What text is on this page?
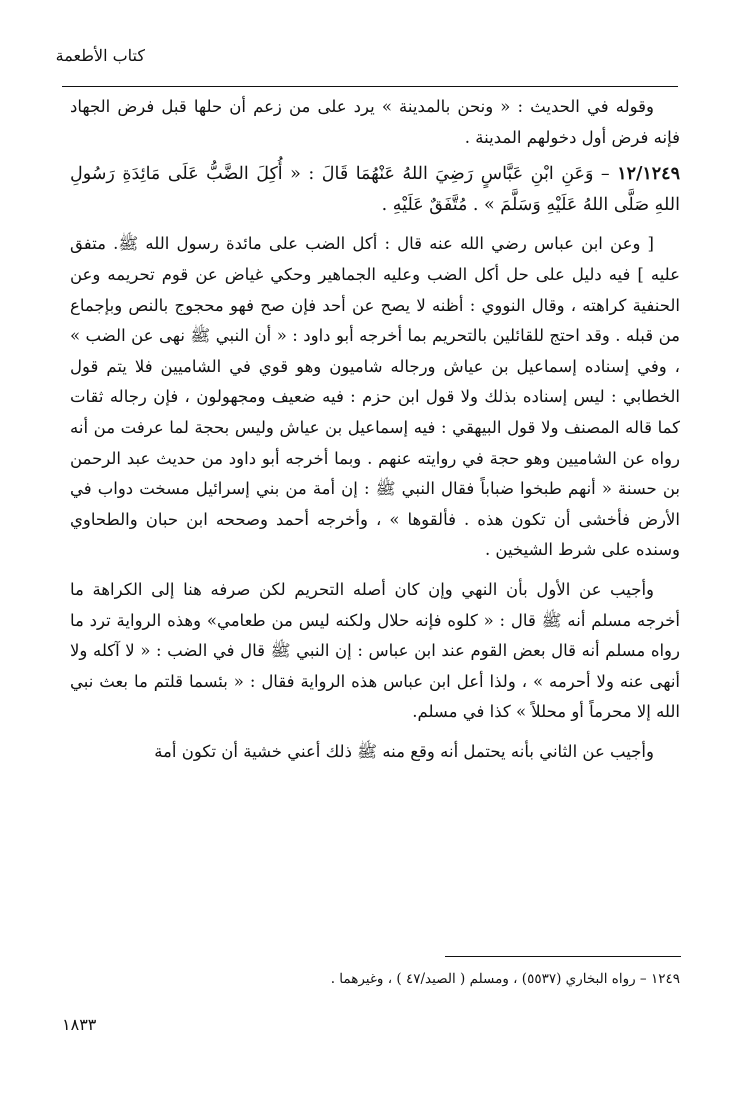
كتاب الأطعمة

وقوله في الحديث : « ونحن بالمدينة » يرد على من زعم أن حلها قبل فرض الجهاد فإنه فرض أول دخولهم المدينة .

١٢/١٢٤٩ – وَعَنِ ابْنِ عَبَّاسٍ رَضِيَ اللهُ عَنْهُمَا قَالَ : « أُكِلَ الضَّبُّ عَلَى مَائِدَةِ رَسُولِ اللهِ صَلَّى اللهُ عَلَيْهِ وَسَلَّمَ » . مُتَّفَقٌ عَلَيْهِ .

[ وعن ابن عباس رضي الله عنه قال : أكل الضب على مائدة رسول الله ﷺ. متفق عليه ] فيه دليل على حل أكل الضب وعليه الجماهير وحكي غياض عن قوم تحريمه وعن الحنفية كراهته ، وقال النووي : أظنه لا يصح عن أحد فإن صح فهو محجوج بالنص وبإجماع من قبله . وقد احتج للقائلين بالتحريم بما أخرجه أبو داود : « أن النبي ﷺ نهى عن الضب » ، وفي إسناده إسماعيل بن عياش ورجاله شاميون وهو قوي في الشاميين فلا يتم قول الخطابي : ليس إسناده بذلك ولا قول ابن حزم : فيه ضعيف ومجهولون ، فإن رجاله ثقات كما قاله المصنف ولا قول البيهقي : فيه إسماعيل بن عياش وليس بحجة لما عرفت من أنه رواه عن الشاميين وهو حجة في روايته عنهم . وبما أخرجه أبو داود من حديث عبد الرحمن بن حسنة « أنهم طبخوا ضباباً فقال النبي ﷺ : إن أمة من بني إسرائيل مسخت دواب في الأرض فأخشى أن تكون هذه . فألقوها » ، وأخرجه أحمد وصححه ابن حبان والطحاوي وسنده على شرط الشيخين .

وأجيب عن الأول بأن النهي وإن كان أصله التحريم لكن صرفه هنا إلى الكراهة ما أخرجه مسلم أنه ﷺ قال : « كلوه فإنه حلال ولكنه ليس من طعامي» وهذه الرواية ترد ما رواه مسلم أنه قال بعض القوم عند ابن عباس : إن النبي ﷺ قال في الضب : « لا آكله ولا أنهى عنه ولا أحرمه » ، ولذا أعل ابن عباس هذه الرواية فقال : « بئسما قلتم ما بعث نبي الله إلا محرماً أو محللاً » كذا في مسلم.

وأجيب عن الثاني بأنه يحتمل أنه وقع منه ﷺ ذلك أعني خشية أن تكون أمة

١٢٤٩ – رواه البخاري (٥٥٣٧) ، ومسلم ( الصيد/٤٧ ) ، وغيرهما .
١٨٣٣
